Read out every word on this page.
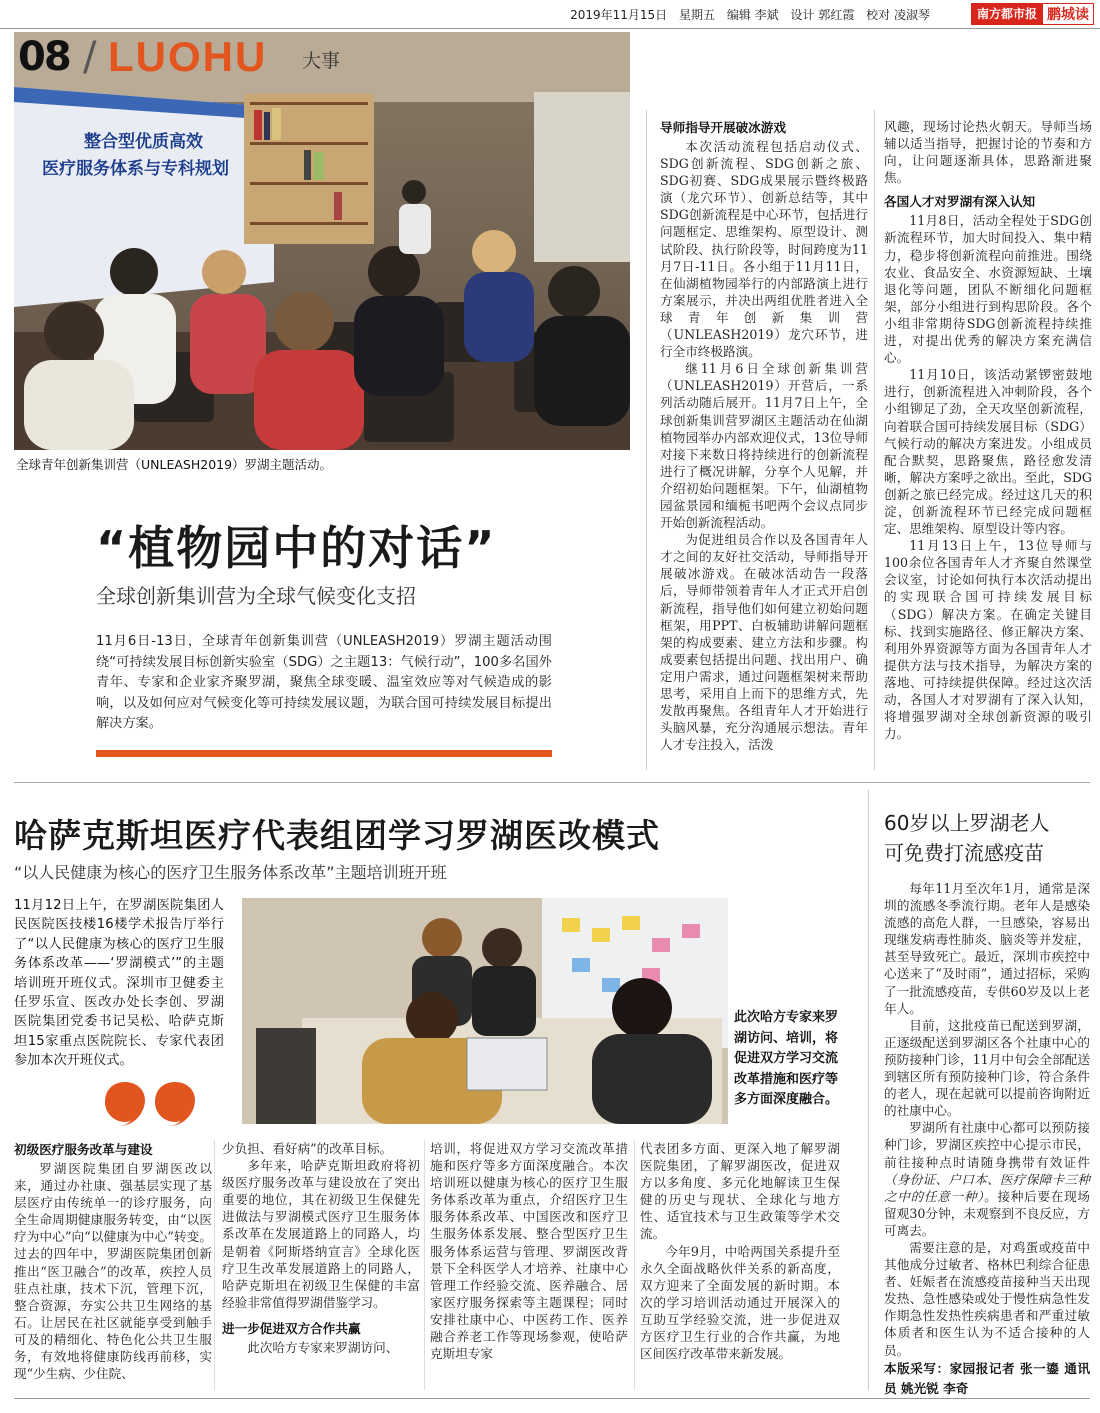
2019年11月15日 星期五 编辑 李斌 设计 郭红霞 校对 凌淑琴	南方都市报 鹏城读
整合型优质高效
医疗服务体系与专科规划
全球青年创新集训营（UNLEASH2019）罗湖主题活动。
08 / LUOHU 大事
“植物园中的对话”
全球创新集训营为全球气候变化支招
11月6日-13日，全球青年创新集训营（UNLEASH2019）罗湖主题活动围绕“可持续发展目标创新实验室（SDG）之主题13：气候行动”，100多名国外青年、专家和企业家齐聚罗湖，聚焦全球变暖、温室效应等对气候造成的影响，以及如何应对气候变化等可持续发展议题，为联合国可持续发展目标提出解决方案。
导师指导开展破冰游戏

本次活动流程包括启动仪式、SDG创新流程、SDG创新之旅、SDG初赛、SDG成果展示暨终极路演（龙穴环节）、创新总结等，其中SDG创新流程是中心环节，包括进行问题框定、思维架构、原型设计、测试阶段、执行阶段等，时间跨度为11月7日-11日。各小组于11月11日，在仙湖植物园举行的内部路演上进行方案展示，并决出两组优胜者进入全球青年创新集训营（UNLEASH2019）龙穴环节，进行全市终极路演。

继11月6日全球创新集训营（UNLEASH2019）开营后，一系列活动随后展开。11月7日上午，全球创新集训营罗湖区主题活动在仙湖植物园举办内部欢迎仪式，13位导师对接下来数日将持续进行的创新流程进行了概况讲解，分享个人见解，并介绍初始问题框架。下午，仙湖植物园盆景园和缅栀书吧两个会议点同步开始创新流程活动。

为促进组员合作以及各国青年人才之间的友好社交活动，导师指导开展破冰游戏。在破冰活动告一段落后，导师带领着青年人才正式开启创新流程，指导他们如何建立初始问题框架，用PPT、白板辅助讲解问题框架的构成要素、建立方法和步骤。构成要素包括提出问题、找出用户、确定用户需求，通过问题框架树来帮助思考，采用自上而下的思维方式，先发散再聚焦。各组青年人才开始进行头脑风暴，充分沟通展示想法。青年人才专注投入，活泼

风趣，现场讨论热火朝天。导师当场辅以适当指导，把握讨论的节奏和方向，让问题逐渐具体，思路渐进聚焦。

各国人才对罗湖有深入认知

11月8日，活动全程处于SDG创新流程环节，加大时间投入、集中精力，稳步将创新流程向前推进。围绕农业、食品安全、水资源短缺、土壤退化等问题，团队不断细化问题框架，部分小组进行到构思阶段。各个小组非常期待SDG创新流程持续推进，对提出优秀的解决方案充满信心。

11月10日，该活动紧锣密鼓地进行，创新流程进入冲刺阶段，各个小组铆足了劲，全天攻坚创新流程，向着联合国可持续发展目标（SDG）气候行动的解决方案进发。小组成员配合默契，思路聚焦，路径愈发清晰，解决方案呼之欲出。至此，SDG创新之旅已经完成。经过这几天的积淀，创新流程环节已经完成问题框定、思维架构、原型设计等内容。

11月13日上午，13位导师与100余位各国青年人才齐聚自然课堂会议室，讨论如何执行本次活动提出的实现联合国可持续发展目标（SDG）解决方案。在确定关键目标、找到实施路径、修正解决方案、利用外界资源等方面为各国青年人才提供方法与技术指导，为解决方案的落地、可持续提供保障。经过这次活动，各国人才对罗湖有了深入认知，将增强罗湖对全球创新资源的吸引力。

哈萨克斯坦医疗代表组团学习罗湖医改模式
“以人民健康为核心的医疗卫生服务体系改革”主题培训班开班
11月12日上午，在罗湖医院集团人民医院医技楼16楼学术报告厅举行了“以人民健康为核心的医疗卫生服务体系改革——‘罗湖模式’”的主题培训班开班仪式。深圳市卫健委主任罗乐宣、医改办处长李创、罗湖医院集团党委书记吴松、哈萨克斯坦15家重点医院院长、专家代表团参加本次开班仪式。
此次哈方专家来罗湖访问、培训，将促进双方学习交流改革措施和医疗等多方面深度融合。
初级医疗服务改革与建设

罗湖医院集团自罗湖医改以来，通过办社康、强基层实现了基层医疗由传统单一的诊疗服务，向全生命周期健康服务转变，由“以医疗为中心”向“以健康为中心”转变。过去的四年中，罗湖医院集团创新推出“医卫融合”的改革，疾控人员驻点社康，技术下沉，管理下沉，整合资源，夯实公共卫生网络的基石。让居民在社区就能享受到触手可及的精细化、特色化公共卫生服务，有效地将健康防线再前移，实现“少生病、少住院、

少负担、看好病”的改革目标。

多年来，哈萨克斯坦政府将初级医疗服务改革与建设放在了突出重要的地位，其在初级卫生保健先进做法与罗湖模式医疗卫生服务体系改革在发展道路上的同路人，均是朝着《阿斯塔纳宣言》全球化医疗卫生改革发展道路上的同路人，哈萨克斯坦在初级卫生保健的丰富经验非常值得罗湖借鉴学习。

进一步促进双方合作共赢

此次哈方专家来罗湖访问、

培训，将促进双方学习交流改革措施和医疗等多方面深度融合。本次培训班以健康为核心的医疗卫生服务体系改革为重点，介绍医疗卫生服务体系改革、中国医改和医疗卫生服务体系发展、整合型医疗卫生服务体系运营与管理、罗湖医改背景下全科医学人才培养、社康中心管理工作经验交流、医养融合、居家医疗服务探索等主题课程；同时安排社康中心、中医药工作、医养融合养老工作等现场参观，使哈萨克斯坦专家

代表团多方面、更深入地了解罗湖医院集团，了解罗湖医改，促进双方以多角度、多元化地解读卫生保健的历史与现状、全球化与地方性、适宜技术与卫生政策等学术交流。

今年9月，中哈两国关系提升至永久全面战略伙伴关系的新高度，双方迎来了全面发展的新时期。本次的学习培训活动通过开展深入的互助互学经验交流，进一步促进双方医疗卫生行业的合作共赢，为地区间医疗改革带来新发展。

60岁以上罗湖老人
可免费打流感疫苗

每年11月至次年1月，通常是深圳的流感冬季流行期。老年人是感染流感的高危人群，一旦感染，容易出现继发病毒性肺炎、脑炎等并发症，甚至导致死亡。最近，深圳市疾控中心送来了“及时雨”，通过招标，采购了一批流感疫苗，专供60岁及以上老年人。

目前，这批疫苗已配送到罗湖，正逐级配送到罗湖区各个社康中心的预防接种门诊，11月中旬会全部配送到辖区所有预防接种门诊，符合条件的老人，现在起就可以提前咨询附近的社康中心。

罗湖所有社康中心都可以预防接种门诊，罗湖区疾控中心提示市民，前往接种点时请随身携带有效证件（身份证、户口本、医疗保障卡三种之中的任意一种）。接种后要在现场留观30分钟，未观察到不良反应，方可离去。

需要注意的是，对鸡蛋或疫苗中其他成分过敏者、格林巴利综合征患者、妊娠者在流感疫苗接种当天出现发热、急性感染或处于慢性病急性发作期急性发热性疾病患者和严重过敏体质者和医生认为不适合接种的人员。

本版采写：家园报记者 张一鎏 通讯员 姚光锐 李奇
